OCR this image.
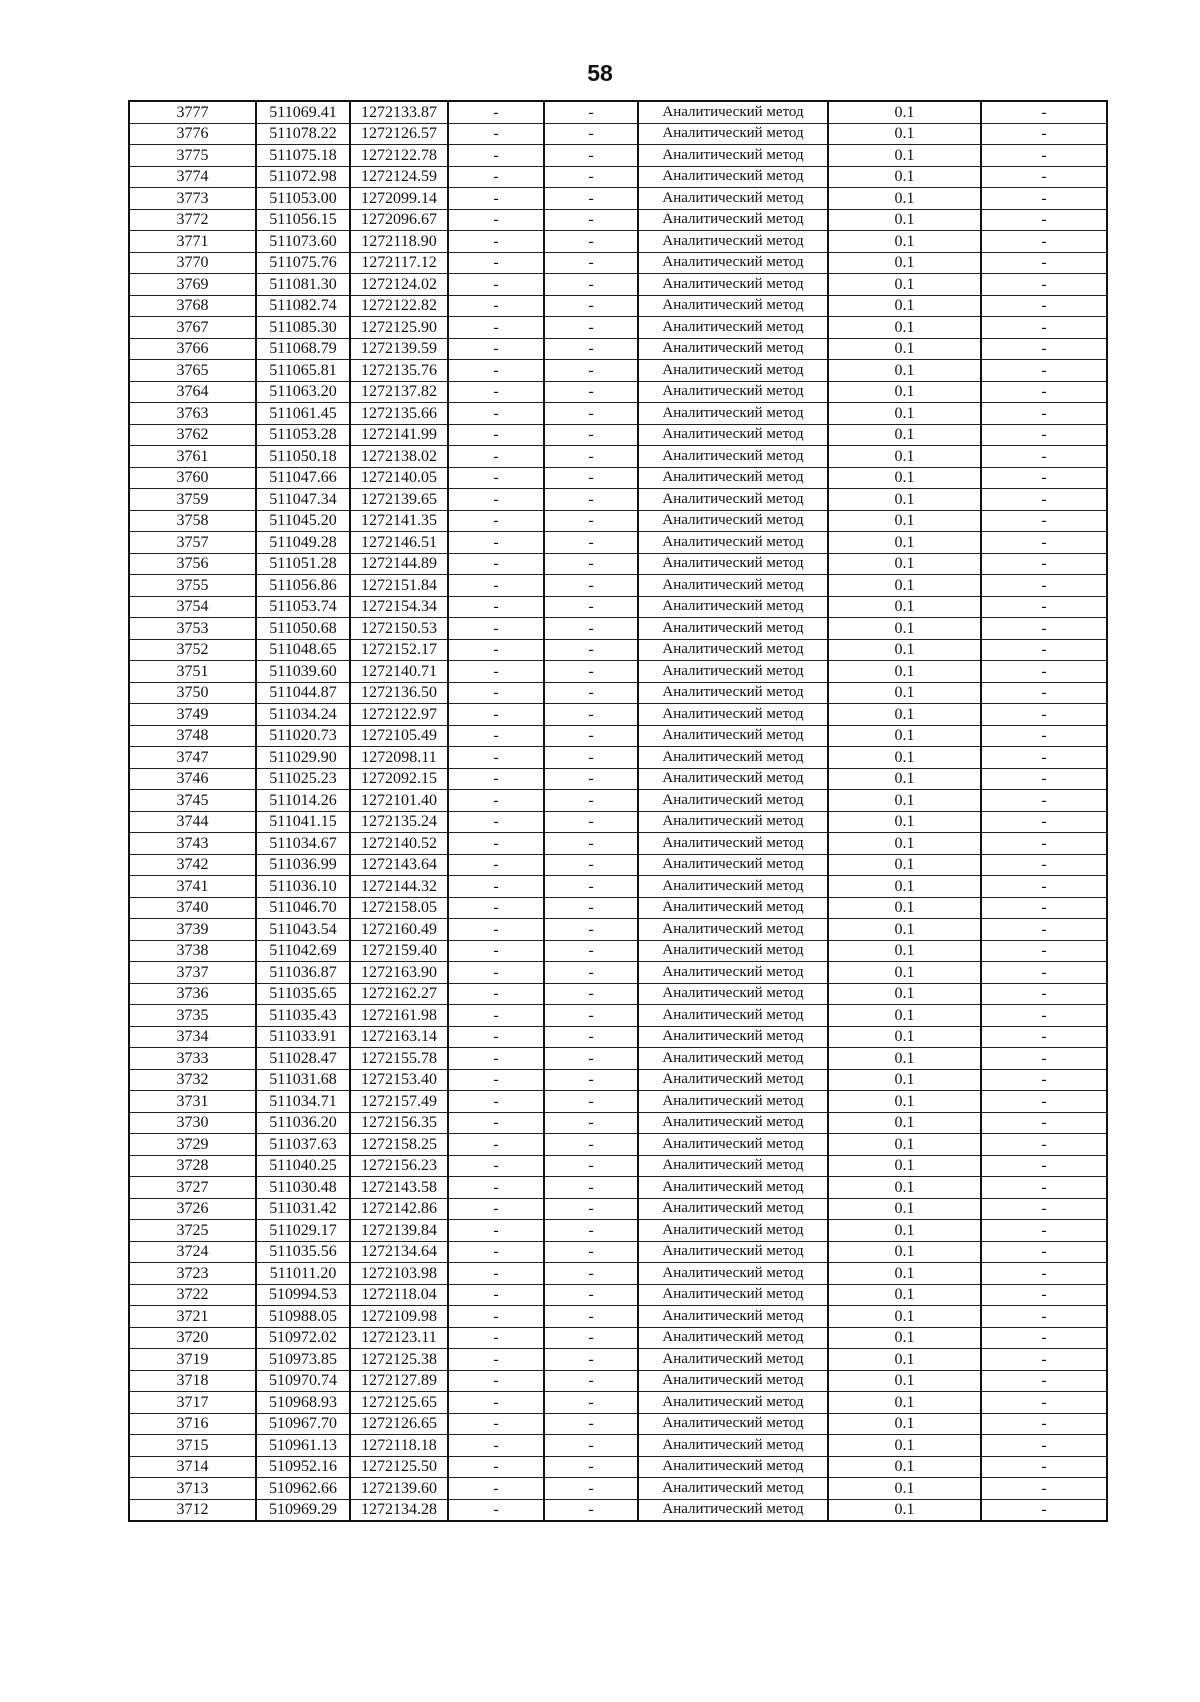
58
3777	511069.41	1272133.87	-	-	Аналитический метод	0.1	-
3776	511078.22	1272126.57	-	-	Аналитический метод	0.1	-
3775	511075.18	1272122.78	-	-	Аналитический метод	0.1	-
3774	511072.98	1272124.59	-	-	Аналитический метод	0.1	-
3773	511053.00	1272099.14	-	-	Аналитический метод	0.1	-
3772	511056.15	1272096.67	-	-	Аналитический метод	0.1	-
3771	511073.60	1272118.90	-	-	Аналитический метод	0.1	-
3770	511075.76	1272117.12	-	-	Аналитический метод	0.1	-
3769	511081.30	1272124.02	-	-	Аналитический метод	0.1	-
3768	511082.74	1272122.82	-	-	Аналитический метод	0.1	-
3767	511085.30	1272125.90	-	-	Аналитический метод	0.1	-
3766	511068.79	1272139.59	-	-	Аналитический метод	0.1	-
3765	511065.81	1272135.76	-	-	Аналитический метод	0.1	-
3764	511063.20	1272137.82	-	-	Аналитический метод	0.1	-
3763	511061.45	1272135.66	-	-	Аналитический метод	0.1	-
3762	511053.28	1272141.99	-	-	Аналитический метод	0.1	-
3761	511050.18	1272138.02	-	-	Аналитический метод	0.1	-
3760	511047.66	1272140.05	-	-	Аналитический метод	0.1	-
3759	511047.34	1272139.65	-	-	Аналитический метод	0.1	-
3758	511045.20	1272141.35	-	-	Аналитический метод	0.1	-
3757	511049.28	1272146.51	-	-	Аналитический метод	0.1	-
3756	511051.28	1272144.89	-	-	Аналитический метод	0.1	-
3755	511056.86	1272151.84	-	-	Аналитический метод	0.1	-
3754	511053.74	1272154.34	-	-	Аналитический метод	0.1	-
3753	511050.68	1272150.53	-	-	Аналитический метод	0.1	-
3752	511048.65	1272152.17	-	-	Аналитический метод	0.1	-
3751	511039.60	1272140.71	-	-	Аналитический метод	0.1	-
3750	511044.87	1272136.50	-	-	Аналитический метод	0.1	-
3749	511034.24	1272122.97	-	-	Аналитический метод	0.1	-
3748	511020.73	1272105.49	-	-	Аналитический метод	0.1	-
3747	511029.90	1272098.11	-	-	Аналитический метод	0.1	-
3746	511025.23	1272092.15	-	-	Аналитический метод	0.1	-
3745	511014.26	1272101.40	-	-	Аналитический метод	0.1	-
3744	511041.15	1272135.24	-	-	Аналитический метод	0.1	-
3743	511034.67	1272140.52	-	-	Аналитический метод	0.1	-
3742	511036.99	1272143.64	-	-	Аналитический метод	0.1	-
3741	511036.10	1272144.32	-	-	Аналитический метод	0.1	-
3740	511046.70	1272158.05	-	-	Аналитический метод	0.1	-
3739	511043.54	1272160.49	-	-	Аналитический метод	0.1	-
3738	511042.69	1272159.40	-	-	Аналитический метод	0.1	-
3737	511036.87	1272163.90	-	-	Аналитический метод	0.1	-
3736	511035.65	1272162.27	-	-	Аналитический метод	0.1	-
3735	511035.43	1272161.98	-	-	Аналитический метод	0.1	-
3734	511033.91	1272163.14	-	-	Аналитический метод	0.1	-
3733	511028.47	1272155.78	-	-	Аналитический метод	0.1	-
3732	511031.68	1272153.40	-	-	Аналитический метод	0.1	-
3731	511034.71	1272157.49	-	-	Аналитический метод	0.1	-
3730	511036.20	1272156.35	-	-	Аналитический метод	0.1	-
3729	511037.63	1272158.25	-	-	Аналитический метод	0.1	-
3728	511040.25	1272156.23	-	-	Аналитический метод	0.1	-
3727	511030.48	1272143.58	-	-	Аналитический метод	0.1	-
3726	511031.42	1272142.86	-	-	Аналитический метод	0.1	-
3725	511029.17	1272139.84	-	-	Аналитический метод	0.1	-
3724	511035.56	1272134.64	-	-	Аналитический метод	0.1	-
3723	511011.20	1272103.98	-	-	Аналитический метод	0.1	-
3722	510994.53	1272118.04	-	-	Аналитический метод	0.1	-
3721	510988.05	1272109.98	-	-	Аналитический метод	0.1	-
3720	510972.02	1272123.11	-	-	Аналитический метод	0.1	-
3719	510973.85	1272125.38	-	-	Аналитический метод	0.1	-
3718	510970.74	1272127.89	-	-	Аналитический метод	0.1	-
3717	510968.93	1272125.65	-	-	Аналитический метод	0.1	-
3716	510967.70	1272126.65	-	-	Аналитический метод	0.1	-
3715	510961.13	1272118.18	-	-	Аналитический метод	0.1	-
3714	510952.16	1272125.50	-	-	Аналитический метод	0.1	-
3713	510962.66	1272139.60	-	-	Аналитический метод	0.1	-
3712	510969.29	1272134.28	-	-	Аналитический метод	0.1	-
